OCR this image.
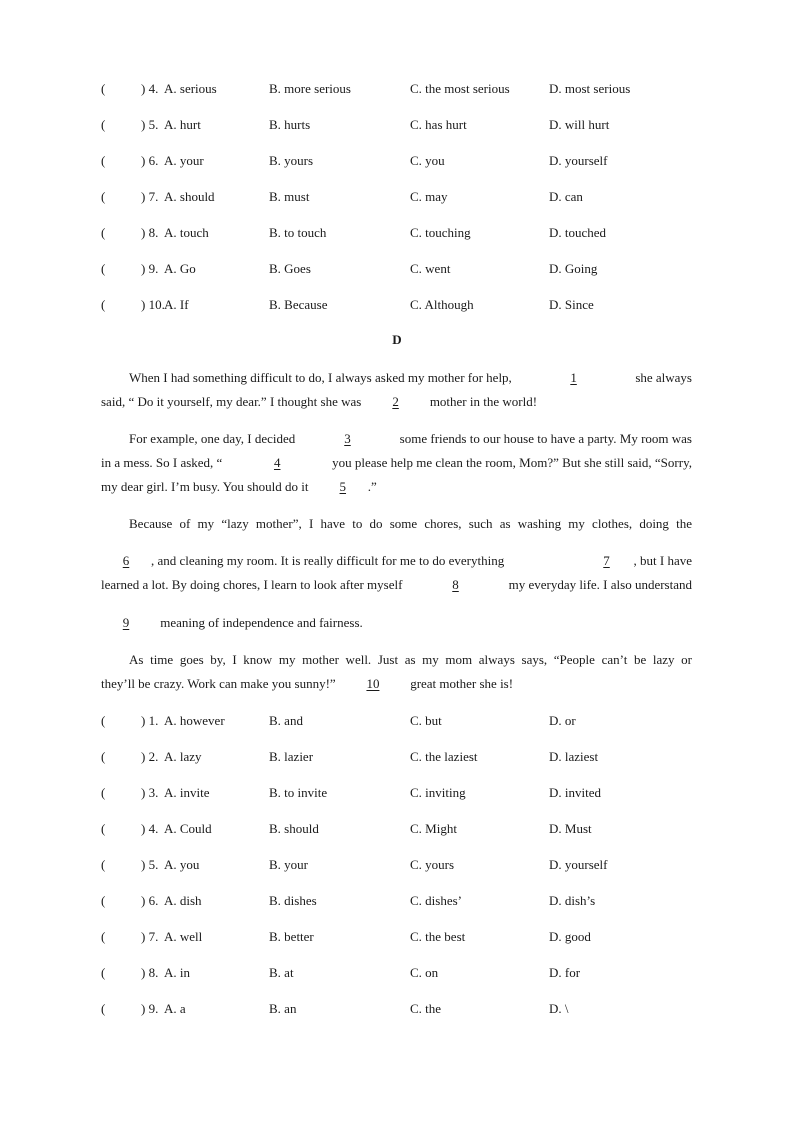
(	) 4. A. serious	B. more serious	C. the most serious	D. most serious
(	) 5. A. hurt	B. hurts	C. has hurt	D. will hurt
(	) 6. A. your	B. yours	C. you	D. yourself
(	) 7. A. should	B. must	C. may	D. can
(	) 8. A. touch	B. to touch	C. touching	D. touched
(	) 9. A. Go	B. Goes	C. went	D. Going
(	) 10. A. If	B. Because	C. Although	D. Since
D
When I had something difficult to do, I always asked my mother for help,	1	she always
said, “ Do it yourself, my dear.” I thought she was 2 mother in the world!
For example, one day, I decided	3	some friends to our house to have a party. My room was
in a mess. So I asked, “	4	you please help me clean the room, Mom?” But she still said, “Sorry,
my dear girl. I’m busy. You should do it 5 .”
Because of my “lazy mother”, I have to do some chores, such as washing my clothes, doing the
6 , and cleaning my room. It is really difficult for me to do everything	7 , but I have
learned a lot. By doing chores, I learn to look after myself	8	my everyday life. I also understand
9 meaning of independence and fairness.
As time goes by, I know my mother well. Just as my mom always says, “People can’t be lazy or
they’ll be crazy. Work can make you sunny!” 10 great mother she is!
(	) 1. A. however	B. and	C. but	D. or
(	) 2. A. lazy	B. lazier	C. the laziest	D. laziest
(	) 3. A. invite	B. to invite	C. inviting	D. invited
(	) 4. A. Could	B. should	C. Might	D. Must
(	) 5. A. you	B. your	C. yours	D. yourself
(	) 6. A. dish	B. dishes	C. dishes’	D. dish’s
(	) 7. A. well	B. better	C. the best	D. good
(	) 8. A. in	B. at	C. on	D. for
(	) 9. A. a	B. an	C. the	D. \
